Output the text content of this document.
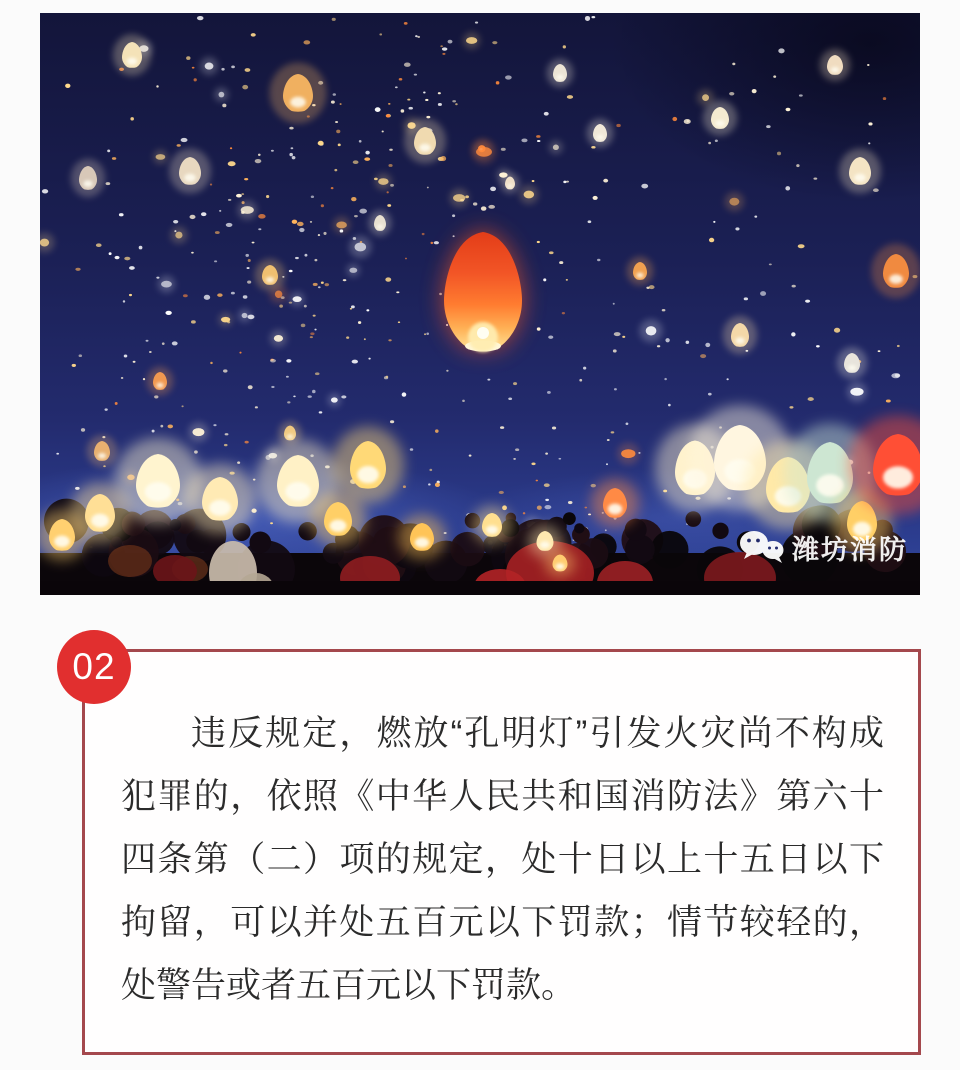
潍坊消防
02
违反规定，燃放“孔明灯”引发火灾尚不构成
犯罪的，依照《中华人民共和国消防法》第六十
四条第（二）项的规定，处十日以上十五日以下
拘留，可以并处五百元以下罚款；情节较轻的，
处警告或者五百元以下罚款。
